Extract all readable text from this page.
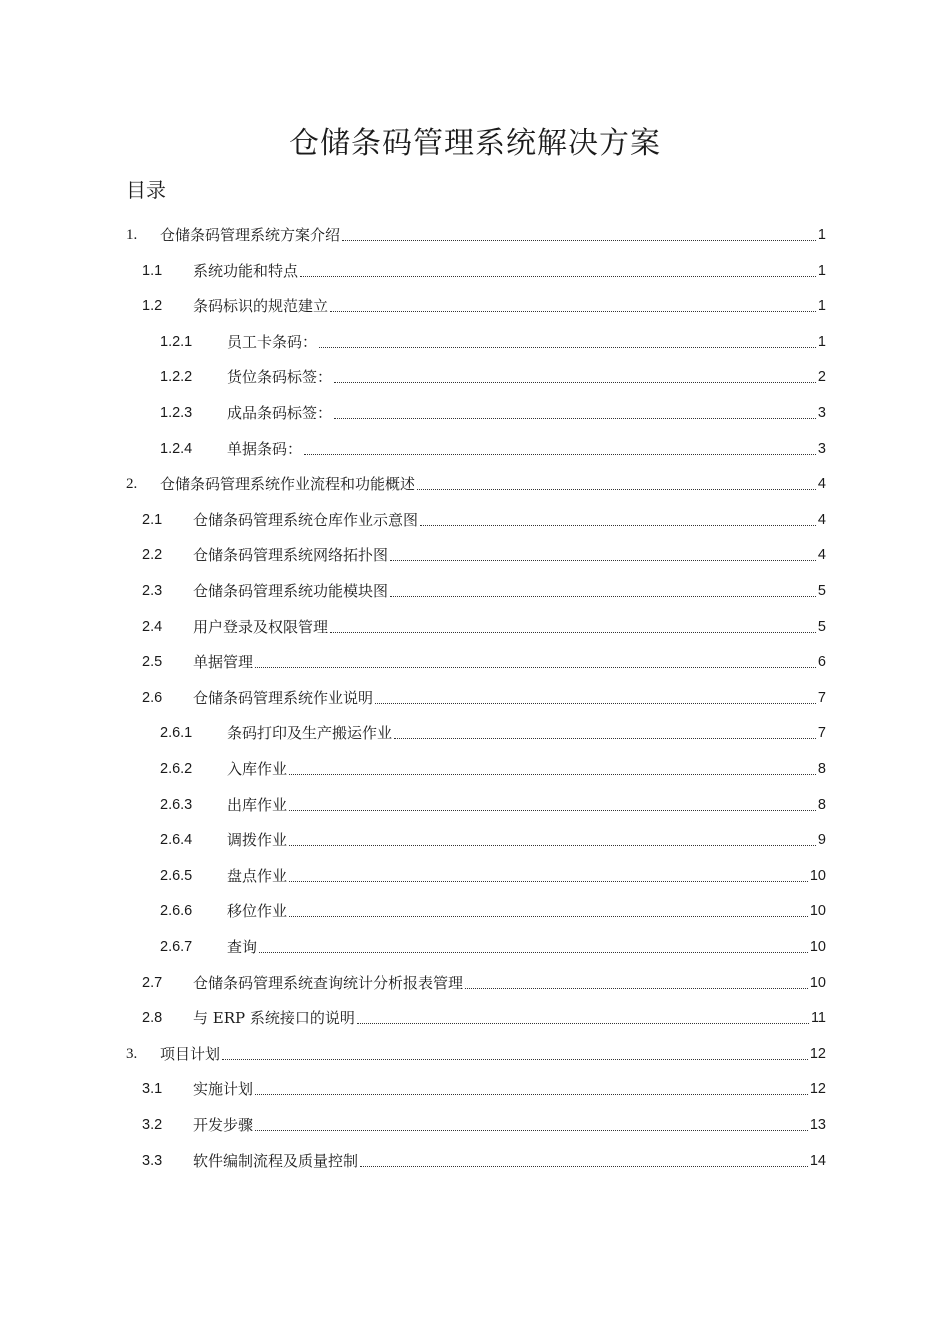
仓储条码管理系统解决方案
目录
1.	仓储条码管理系统方案介绍	1
1.1	系统功能和特点	1
1.2	条码标识的规范建立	1
1.2.1	员工卡条码：	1
1.2.2	货位条码标签：	2
1.2.3	成品条码标签：	3
1.2.4	单据条码：	3
2.	仓储条码管理系统作业流程和功能概述	4
2.1	仓储条码管理系统仓库作业示意图	4
2.2	仓储条码管理系统网络拓扑图	4
2.3	仓储条码管理系统功能模块图	5
2.4	用户登录及权限管理	5
2.5	单据管理	6
2.6	仓储条码管理系统作业说明	7
2.6.1	条码打印及生产搬运作业	7
2.6.2	入库作业	8
2.6.3	出库作业	8
2.6.4	调拨作业	9
2.6.5	盘点作业	10
2.6.6	移位作业	10
2.6.7	查询	10
2.7	仓储条码管理系统查询统计分析报表管理	10
2.8	与 ERP 系统接口的说明	11
3.	项目计划	12
3.1	实施计划	12
3.2	开发步骤	13
3.3	软件编制流程及质量控制	14
